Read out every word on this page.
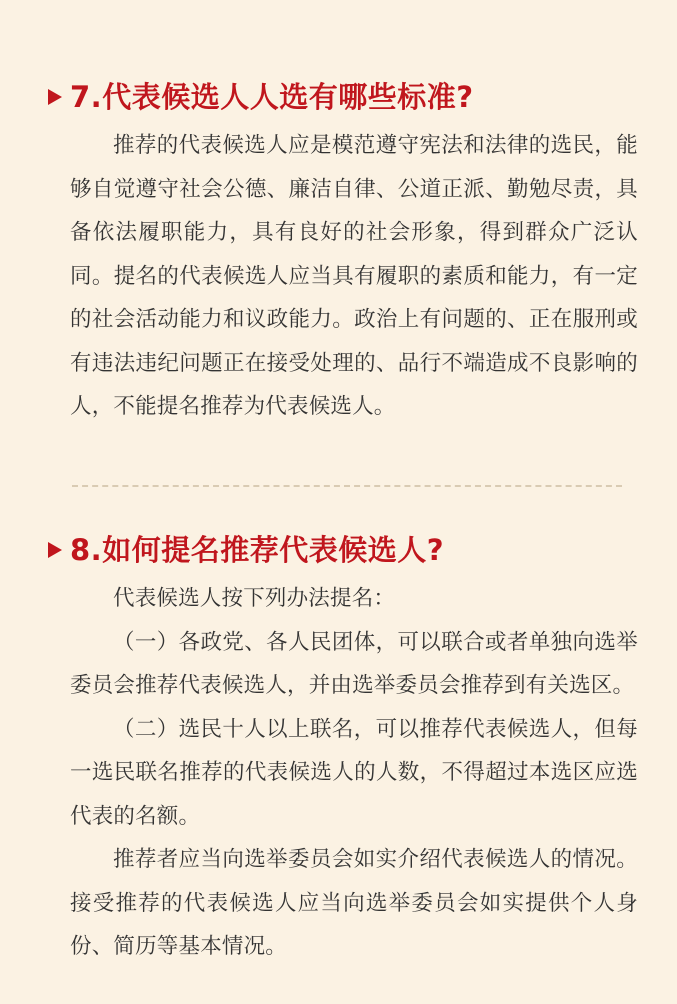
7.代表候选人人选有哪些标准?

推荐的代表候选人应是模范遵守宪法和法律的选民，能够自觉遵守社会公德、廉洁自律、公道正派、勤勉尽责，具备依法履职能力，具有良好的社会形象，得到群众广泛认同。提名的代表候选人应当具有履职的素质和能力，有一定的社会活动能力和议政能力。政治上有问题的、正在服刑或有违法违纪问题正在接受处理的、品行不端造成不良影响的人，不能提名推荐为代表候选人。

8.如何提名推荐代表候选人?

代表候选人按下列办法提名：

（一）各政党、各人民团体，可以联合或者单独向选举委员会推荐代表候选人，并由选举委员会推荐到有关选区。

（二）选民十人以上联名，可以推荐代表候选人，但每一选民联名推荐的代表候选人的人数，不得超过本选区应选代表的名额。

推荐者应当向选举委员会如实介绍代表候选人的情况。接受推荐的代表候选人应当向选举委员会如实提供个人身份、简历等基本情况。
